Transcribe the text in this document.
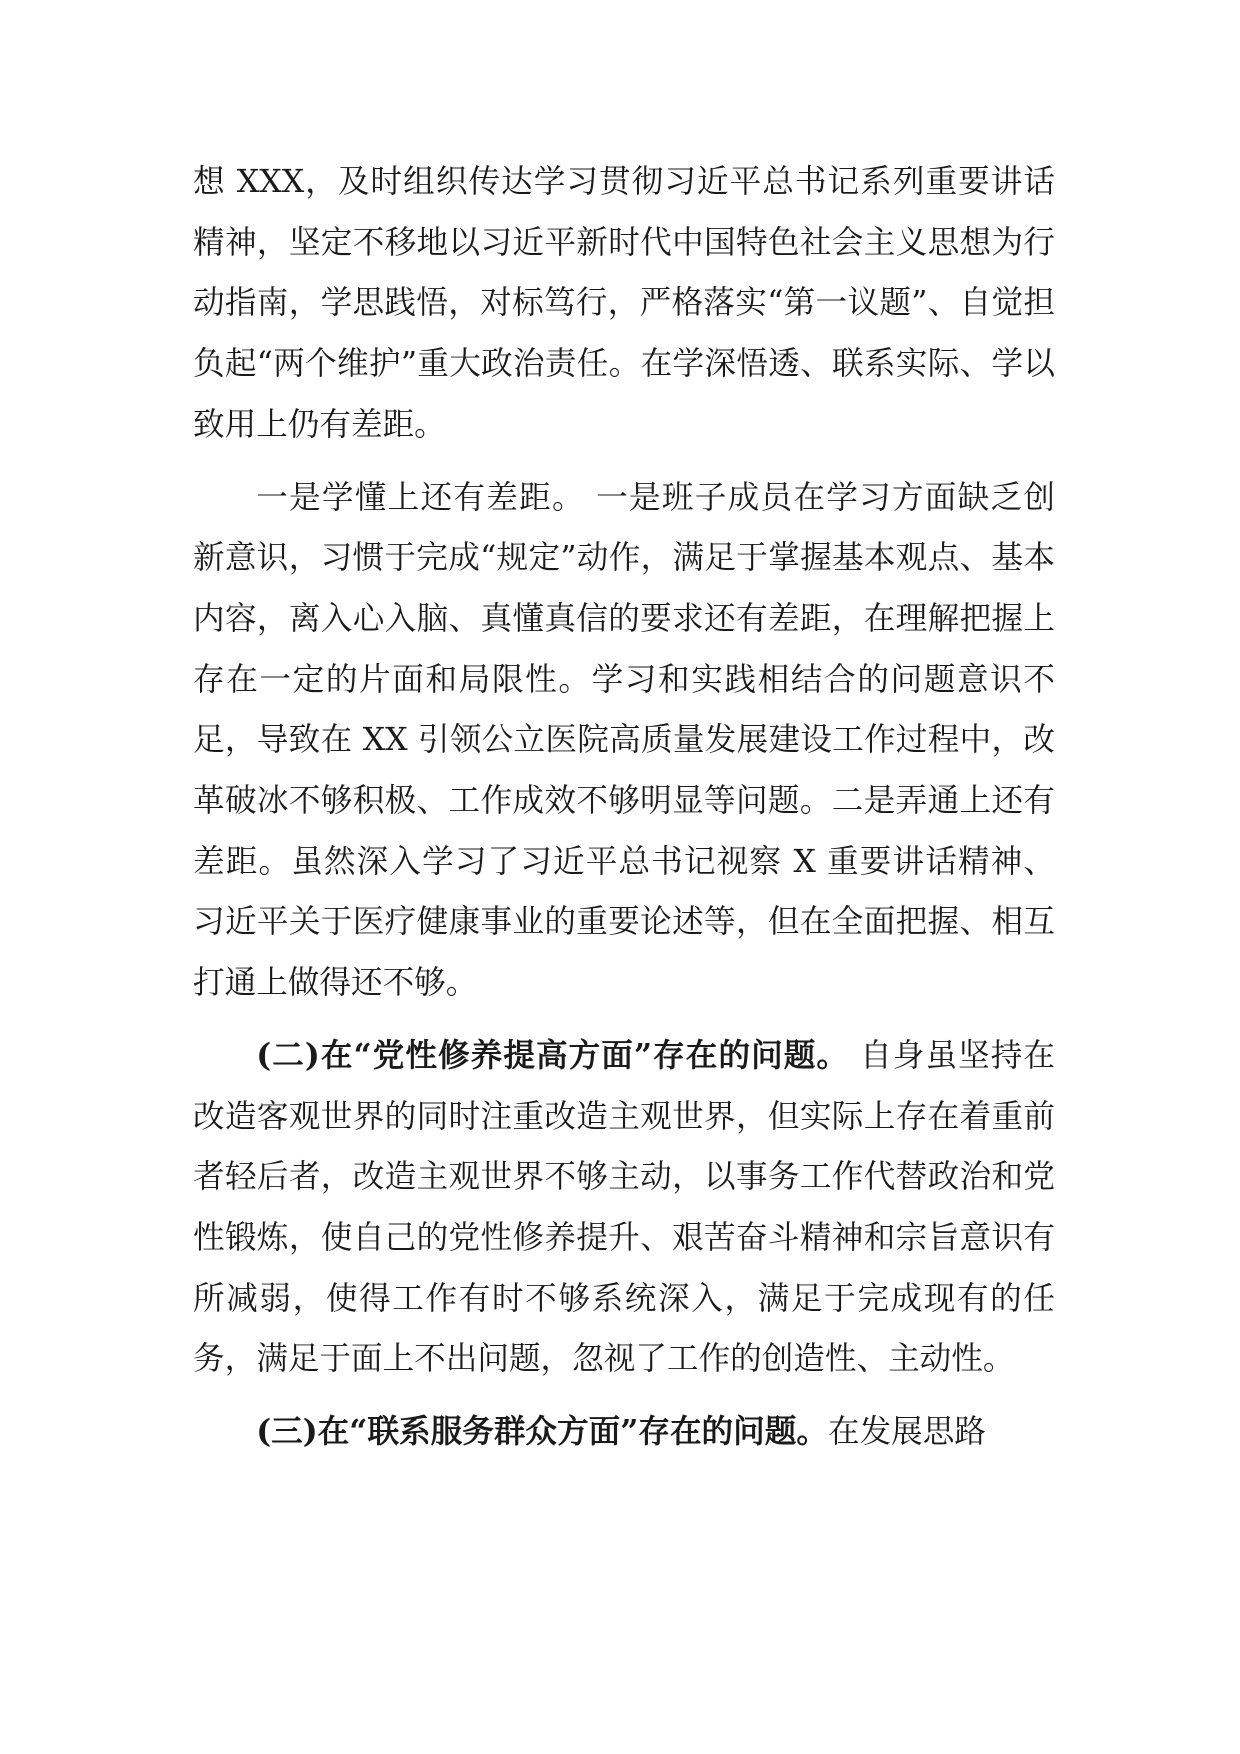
想 XXX，及时组织传达学习贯彻习近平总书记系列重要讲话精神，坚定不移地以习近平新时代中国特色社会主义思想为行动指南，学思践悟，对标笃行，严格落实“第一议题”、自觉担负起“两个维护”重大政治责任。在学深悟透、联系实际、学以致用上仍有差距。

一是学懂上还有差距。 一是班子成员在学习方面缺乏创新意识，习惯于完成“规定”动作，满足于掌握基本观点、基本内容，离入心入脑、真懂真信的要求还有差距，在理解把握上存在一定的片面和局限性。学习和实践相结合的问题意识不足，导致在 XX 引领公立医院高质量发展建设工作过程中，改革破冰不够积极、工作成效不够明显等问题。二是弄通上还有差距。虽然深入学习了习近平总书记视察 X 重要讲话精神、习近平关于医疗健康事业的重要论述等，但在全面把握、相互打通上做得还不够。

(二)在“党性修养提高方面”存在的问题。 自身虽坚持在改造客观世界的同时注重改造主观世界，但实际上存在着重前者轻后者，改造主观世界不够主动，以事务工作代替政治和党性锻炼，使自己的党性修养提升、艰苦奋斗精神和宗旨意识有所减弱，使得工作有时不够系统深入，满足于完成现有的任务，满足于面上不出问题，忽视了工作的创造性、主动性。

(三)在“联系服务群众方面”存在的问题。在发展思路
